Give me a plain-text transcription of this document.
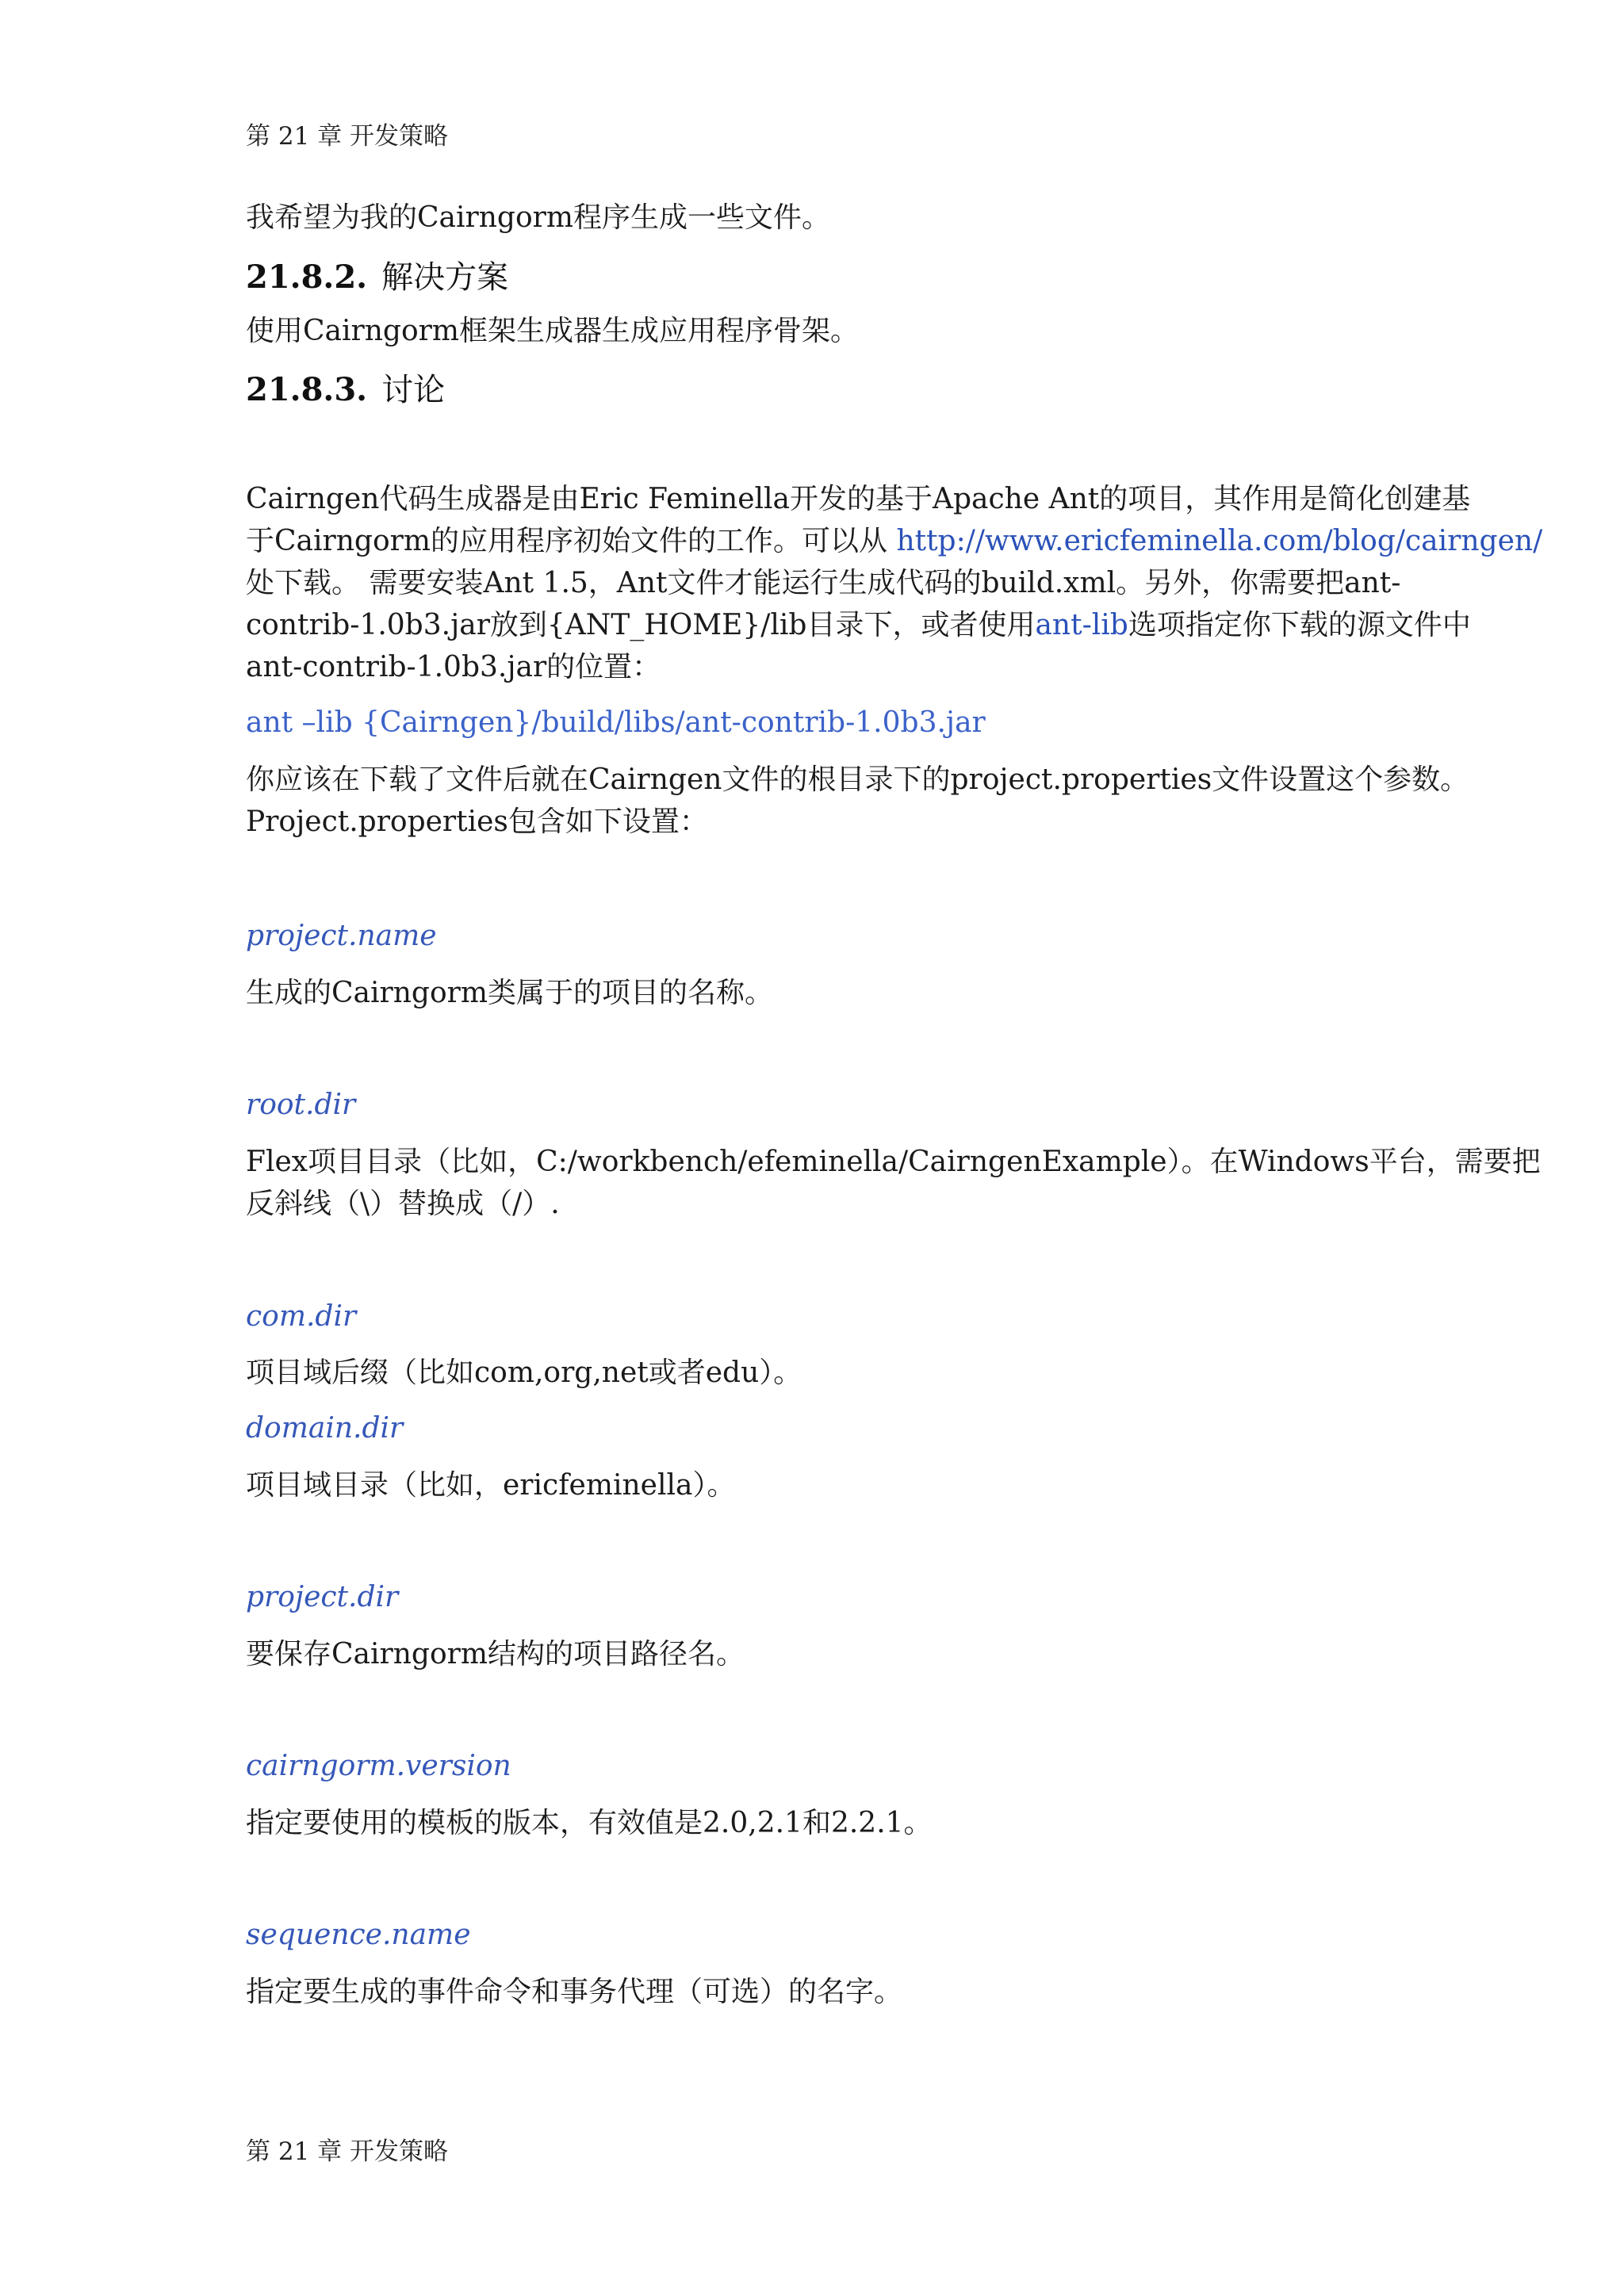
第 21 章 开发策略
我希望为我的Cairngorm程序生成一些文件。
21.8.2. 解决方案
使用Cairngorm框架生成器生成应用程序骨架。
21.8.3. 讨论
Cairngen代码生成器是由Eric Feminella开发的基于Apache Ant的项目，其作用是简化创建基
于Cairngorm的应用程序初始文件的工作。可以从 http://www.ericfeminella.com/blog/cairngen/
处下载。 需要安装Ant 1.5，Ant文件才能运行生成代码的build.xml。另外，你需要把ant-
contrib-1.0b3.jar放到{ANT_HOME}/lib目录下，或者使用ant-lib选项指定你下载的源文件中
ant-contrib-1.0b3.jar的位置：
ant –lib {Cairngen}/build/libs/ant-contrib-1.0b3.jar
你应该在下载了文件后就在Cairngen文件的根目录下的project.properties文件设置这个参数。
Project.properties包含如下设置：
project.name
生成的Cairngorm类属于的项目的名称。
root.dir
Flex项目目录（比如，C:/workbench/efeminella/CairngenExample）。在Windows平台，需要把
反斜线（\）替换成（/）.
com.dir
项目域后缀（比如com,org,net或者edu）。
domain.dir
项目域目录（比如，ericfeminella）。
project.dir
要保存Cairngorm结构的项目路径名。
cairngorm.version
指定要使用的模板的版本，有效值是2.0,2.1和2.2.1。
sequence.name
指定要生成的事件命令和事务代理（可选）的名字。
第 21 章 开发策略
